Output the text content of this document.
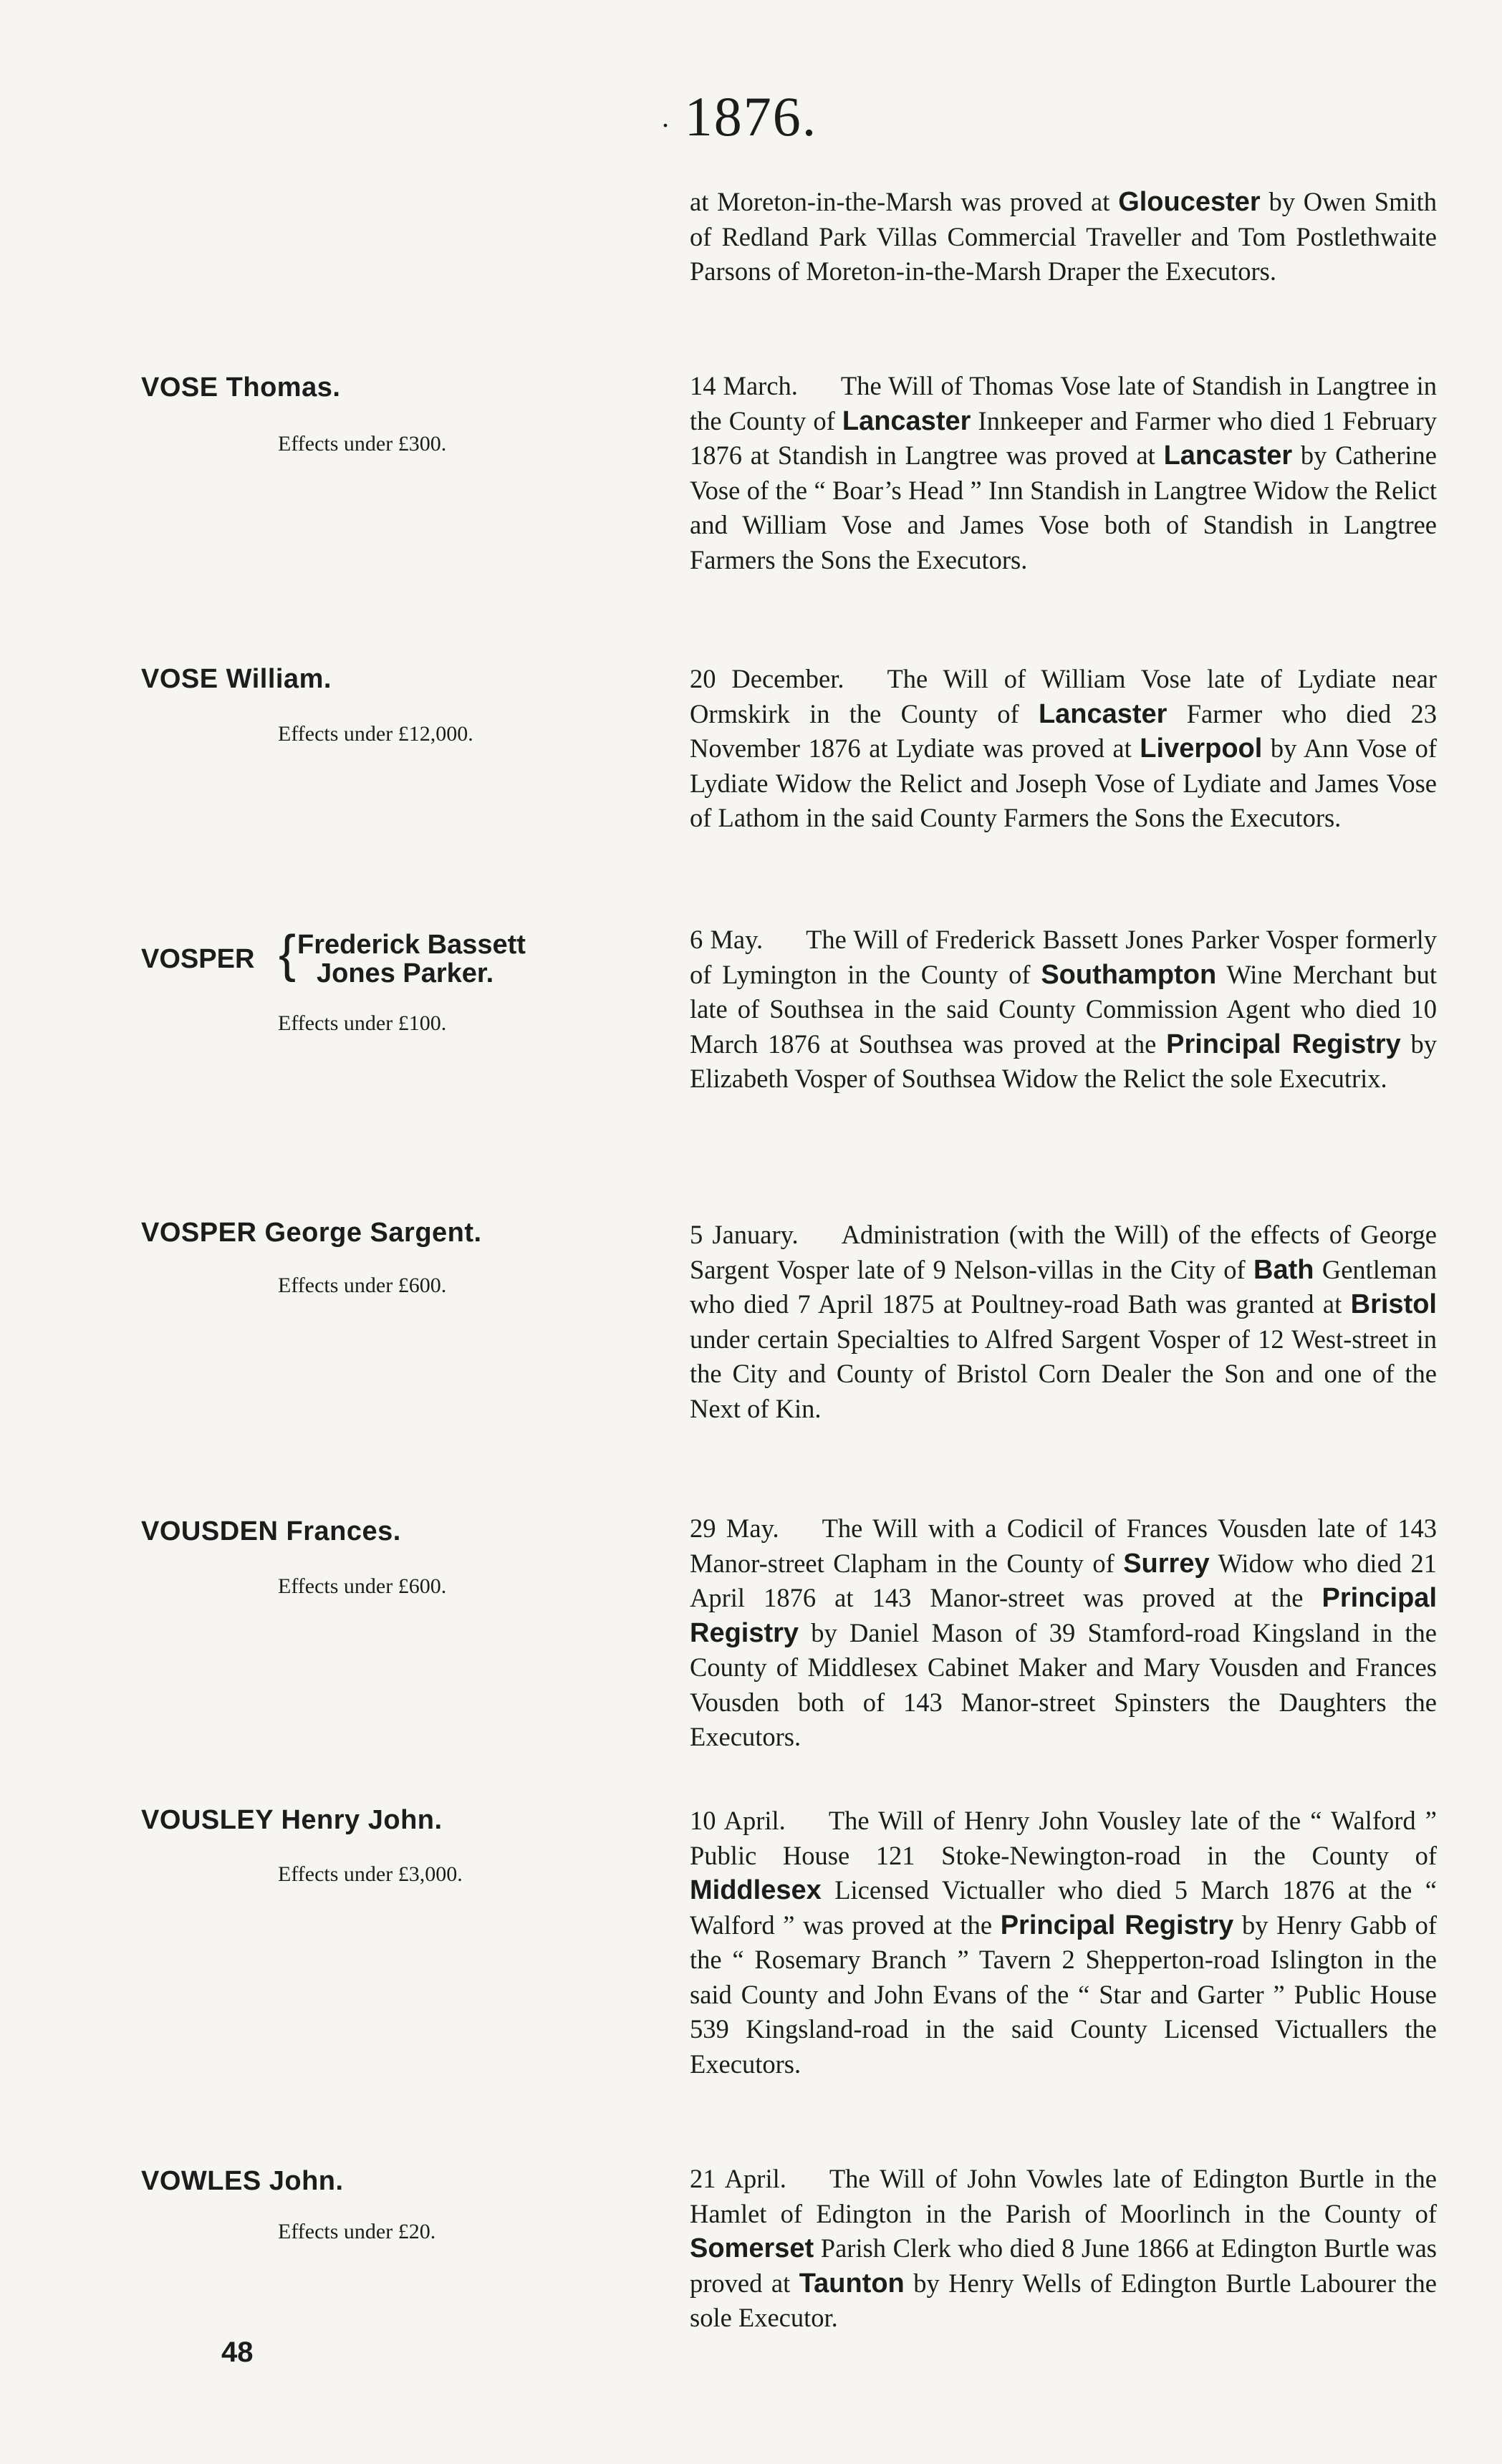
. 1876.
at Moreton-in-the-Marsh was proved at Gloucester by Owen Smith of Redland Park Villas Commercial Traveller and Tom Postlethwaite Parsons of Moreton-in-the-Marsh Draper the Executors.
VOSE Thomas.
Effects under £300.
14 March. The Will of Thomas Vose late of Standish in Langtree in the County of Lancaster Innkeeper and Farmer who died 1 February 1876 at Standish in Langtree was proved at Lancaster by Catherine Vose of the “ Boar’s Head ” Inn Standish in Langtree Widow the Relict and William Vose and James Vose both of Standish in Langtree Farmers the Sons the Executors.
VOSE William.
Effects under £12,000.
20 December. The Will of William Vose late of Lydiate near Ormskirk in the County of Lancaster Farmer who died 23 November 1876 at Lydiate was proved at Liverpool by Ann Vose of Lydiate Widow the Relict and Joseph Vose of Lydiate and James Vose of Lathom in the said County Farmers the Sons the Executors.
VOSPER { Frederick Bassett
Jones Parker.
Effects under £100.
6 May. The Will of Frederick Bassett Jones Parker Vosper formerly of Lymington in the County of Southampton Wine Merchant but late of Southsea in the said County Commission Agent who died 10 March 1876 at Southsea was proved at the Principal Registry by Elizabeth Vosper of Southsea Widow the Relict the sole Executrix.
VOSPER George Sargent.
Effects under £600.
5 January. Administration (with the Will) of the effects of George Sargent Vosper late of 9 Nelson-villas in the City of Bath Gentleman who died 7 April 1875 at Poultney-road Bath was granted at Bristol under certain Specialties to Alfred Sargent Vosper of 12 West-street in the City and County of Bristol Corn Dealer the Son and one of the Next of Kin.
VOUSDEN Frances.
Effects under £600.
29 May. The Will with a Codicil of Frances Vousden late of 143 Manor-street Clapham in the County of Surrey Widow who died 21 April 1876 at 143 Manor-street was proved at the Principal Registry by Daniel Mason of 39 Stamford-road Kingsland in the County of Middlesex Cabinet Maker and Mary Vousden and Frances Vousden both of 143 Manor-street Spinsters the Daughters the Executors.
VOUSLEY Henry John.
Effects under £3,000.
10 April. The Will of Henry John Vousley late of the “ Walford ” Public House 121 Stoke-Newington-road in the County of Middlesex Licensed Victualler who died 5 March 1876 at the “ Walford ” was proved at the Principal Registry by Henry Gabb of the “ Rosemary Branch ” Tavern 2 Shepperton-road Islington in the said County and John Evans of the “ Star and Garter ” Public House 539 Kingsland-road in the said County Licensed Victuallers the Executors.
VOWLES John.
Effects under £20.
21 April. The Will of John Vowles late of Edington Burtle in the Hamlet of Edington in the Parish of Moorlinch in the County of Somerset Parish Clerk who died 8 June 1866 at Edington Burtle was proved at Taunton by Henry Wells of Edington Burtle Labourer the sole Executor.
48
